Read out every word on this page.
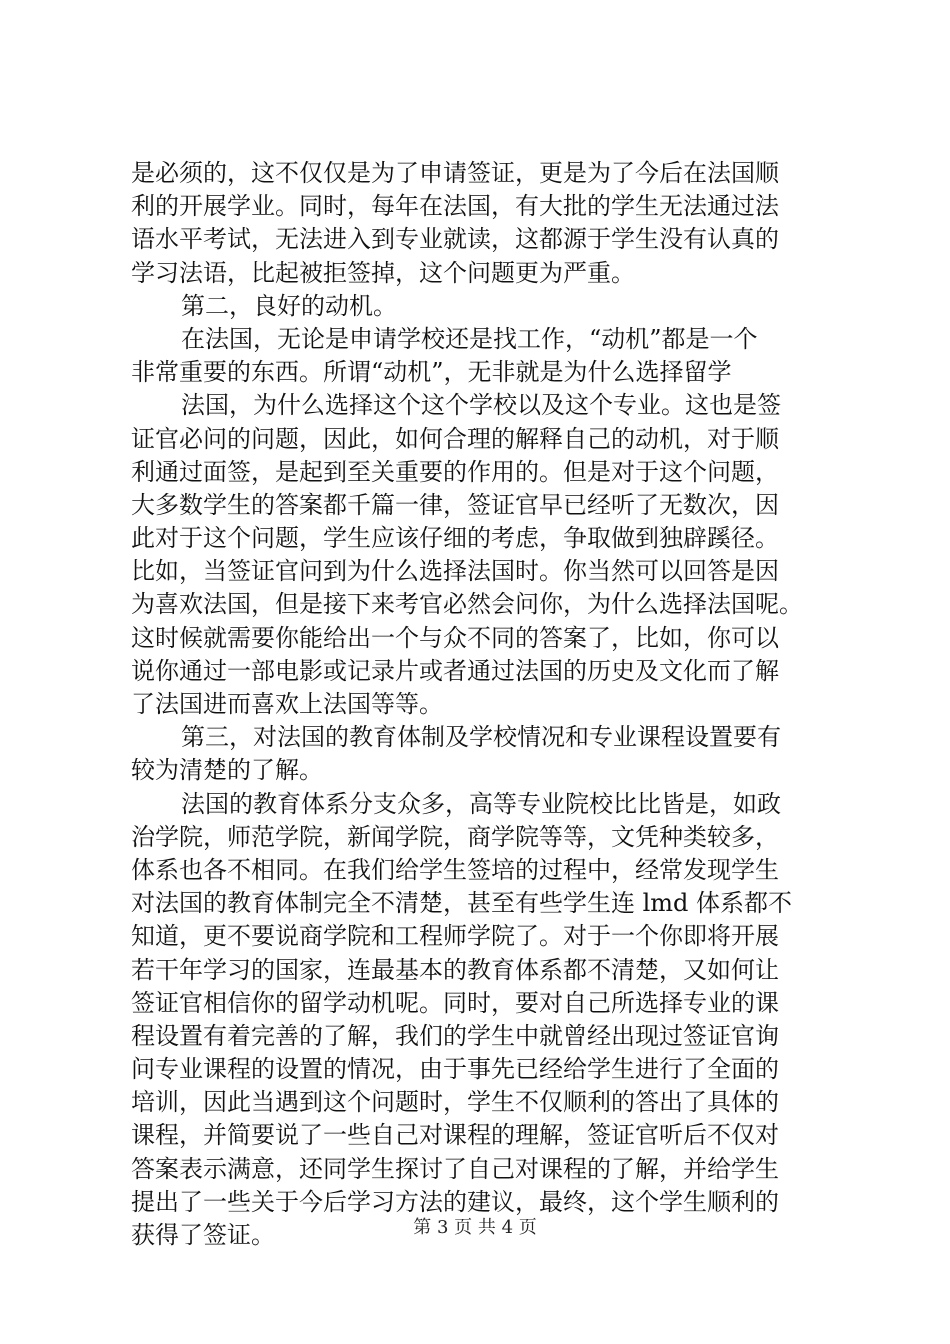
是必须的，这不仅仅是为了申请签证，更是为了今后在法国顺
利的开展学业。同时，每年在法国，有大批的学生无法通过法
语水平考试，无法进入到专业就读，这都源于学生没有认真的
学习法语，比起被拒签掉，这个问题更为严重。
第二，良好的动机。
在法国，无论是申请学校还是找工作，“动机”都是一个
非常重要的东西。所谓“动机”，无非就是为什么选择留学
法国，为什么选择这个这个学校以及这个专业。这也是签
证官必问的问题，因此，如何合理的解释自己的动机，对于顺
利通过面签，是起到至关重要的作用的。但是对于这个问题，
大多数学生的答案都千篇一律，签证官早已经听了无数次，因
此对于这个问题，学生应该仔细的考虑，争取做到独辟蹊径。
比如，当签证官问到为什么选择法国时。你当然可以回答是因
为喜欢法国，但是接下来考官必然会问你，为什么选择法国呢。
这时候就需要你能给出一个与众不同的答案了，比如，你可以
说你通过一部电影或记录片或者通过法国的历史及文化而了解
了法国进而喜欢上法国等等。
第三，对法国的教育体制及学校情况和专业课程设置要有
较为清楚的了解。
法国的教育体系分支众多，高等专业院校比比皆是，如政
治学院，师范学院，新闻学院，商学院等等，文凭种类较多，
体系也各不相同。在我们给学生签培的过程中，经常发现学生
对法国的教育体制完全不清楚，甚至有些学生连 lmd 体系都不
知道，更不要说商学院和工程师学院了。对于一个你即将开展
若干年学习的国家，连最基本的教育体系都不清楚，又如何让
签证官相信你的留学动机呢。同时，要对自己所选择专业的课
程设置有着完善的了解，我们的学生中就曾经出现过签证官询
问专业课程的设置的情况，由于事先已经给学生进行了全面的
培训，因此当遇到这个问题时，学生不仅顺利的答出了具体的
课程，并简要说了一些自己对课程的理解，签证官听后不仅对
答案表示满意，还同学生探讨了自己对课程的了解，并给学生
提出了一些关于今后学习方法的建议，最终，这个学生顺利的
获得了签证。	第 3 页 共 4 页
